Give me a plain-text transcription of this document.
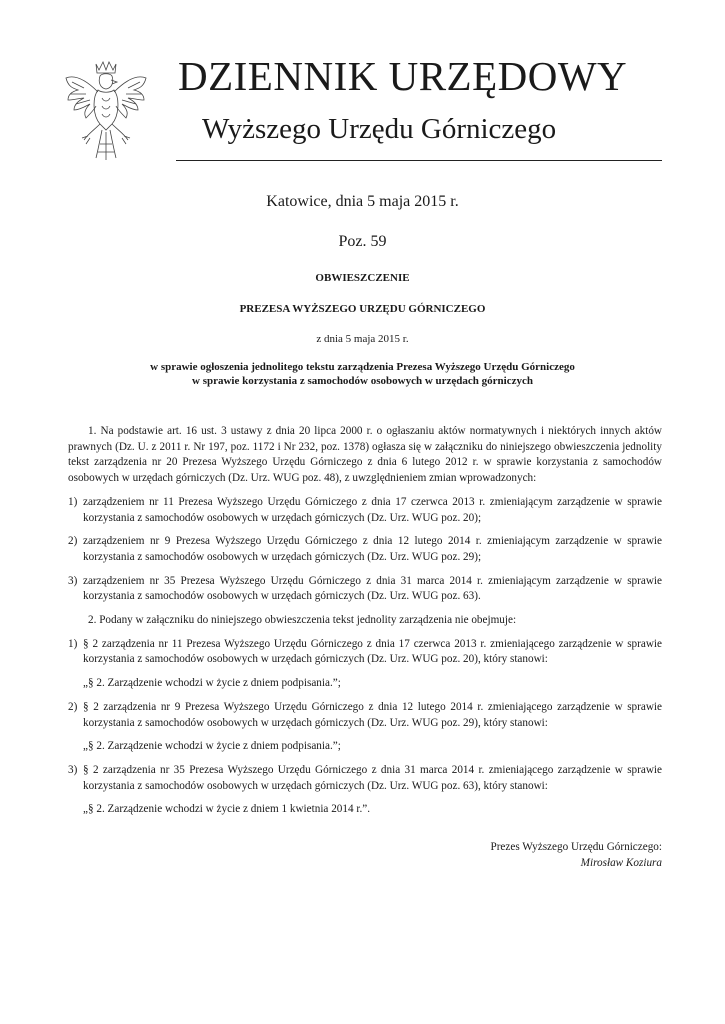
DZIENNIK URZĘDOWY
Wyższego Urzędu Górniczego
Katowice, dnia 5 maja 2015 r.
Poz. 59
OBWIESZCZENIE
PREZESA WYŻSZEGO URZĘDU GÓRNICZEGO
z dnia 5 maja 2015 r.
w sprawie ogłoszenia jednolitego tekstu zarządzenia Prezesa Wyższego Urzędu Górniczego
w sprawie korzystania z samochodów osobowych w urzędach górniczych

1. Na podstawie art. 16 ust. 3 ustawy z dnia 20 lipca 2000 r. o ogłaszaniu aktów normatywnych i niektórych innych aktów prawnych (Dz. U. z 2011 r. Nr 197, poz. 1172 i Nr 232, poz. 1378) ogłasza się w załączniku do niniejszego obwieszczenia jednolity tekst zarządzenia nr 20 Prezesa Wyższego Urzędu Górniczego z dnia 6 lutego 2012 r. w sprawie korzystania z samochodów osobowych w urzędach górniczych (Dz. Urz. WUG poz. 48), z uwzględnieniem zmian wprowadzonych:

1) zarządzeniem nr 11 Prezesa Wyższego Urzędu Górniczego z dnia 17 czerwca 2013 r. zmieniającym zarządzenie w sprawie korzystania z samochodów osobowych w urzędach górniczych (Dz. Urz. WUG poz. 20);
2) zarządzeniem nr 9 Prezesa Wyższego Urzędu Górniczego z dnia 12 lutego 2014 r. zmieniającym zarządzenie w sprawie korzystania z samochodów osobowych w urzędach górniczych (Dz. Urz. WUG poz. 29);
3) zarządzeniem nr 35 Prezesa Wyższego Urzędu Górniczego z dnia 31 marca 2014 r. zmieniającym zarządzenie w sprawie korzystania z samochodów osobowych w urzędach górniczych (Dz. Urz. WUG poz. 63).

2. Podany w załączniku do niniejszego obwieszczenia tekst jednolity zarządzenia nie obejmuje:

1) § 2 zarządzenia nr 11 Prezesa Wyższego Urzędu Górniczego z dnia 17 czerwca 2013 r. zmieniającego zarządzenie w sprawie korzystania z samochodów osobowych w urzędach górniczych (Dz. Urz. WUG poz. 20), który stanowi:
„§ 2. Zarządzenie wchodzi w życie z dniem podpisania.”;
2) § 2 zarządzenia nr 9 Prezesa Wyższego Urzędu Górniczego z dnia 12 lutego 2014 r. zmieniającego zarządzenie w sprawie korzystania z samochodów osobowych w urzędach górniczych (Dz. Urz. WUG poz. 29), który stanowi:
„§ 2. Zarządzenie wchodzi w życie z dniem podpisania.”;
3) § 2 zarządzenia nr 35 Prezesa Wyższego Urzędu Górniczego z dnia 31 marca 2014 r. zmieniającego zarządzenie w sprawie korzystania z samochodów osobowych w urzędach górniczych (Dz. Urz. WUG poz. 63), który stanowi:
„§ 2. Zarządzenie wchodzi w życie z dniem 1 kwietnia 2014 r.”.
Prezes Wyższego Urzędu Górniczego:
Mirosław Koziura
